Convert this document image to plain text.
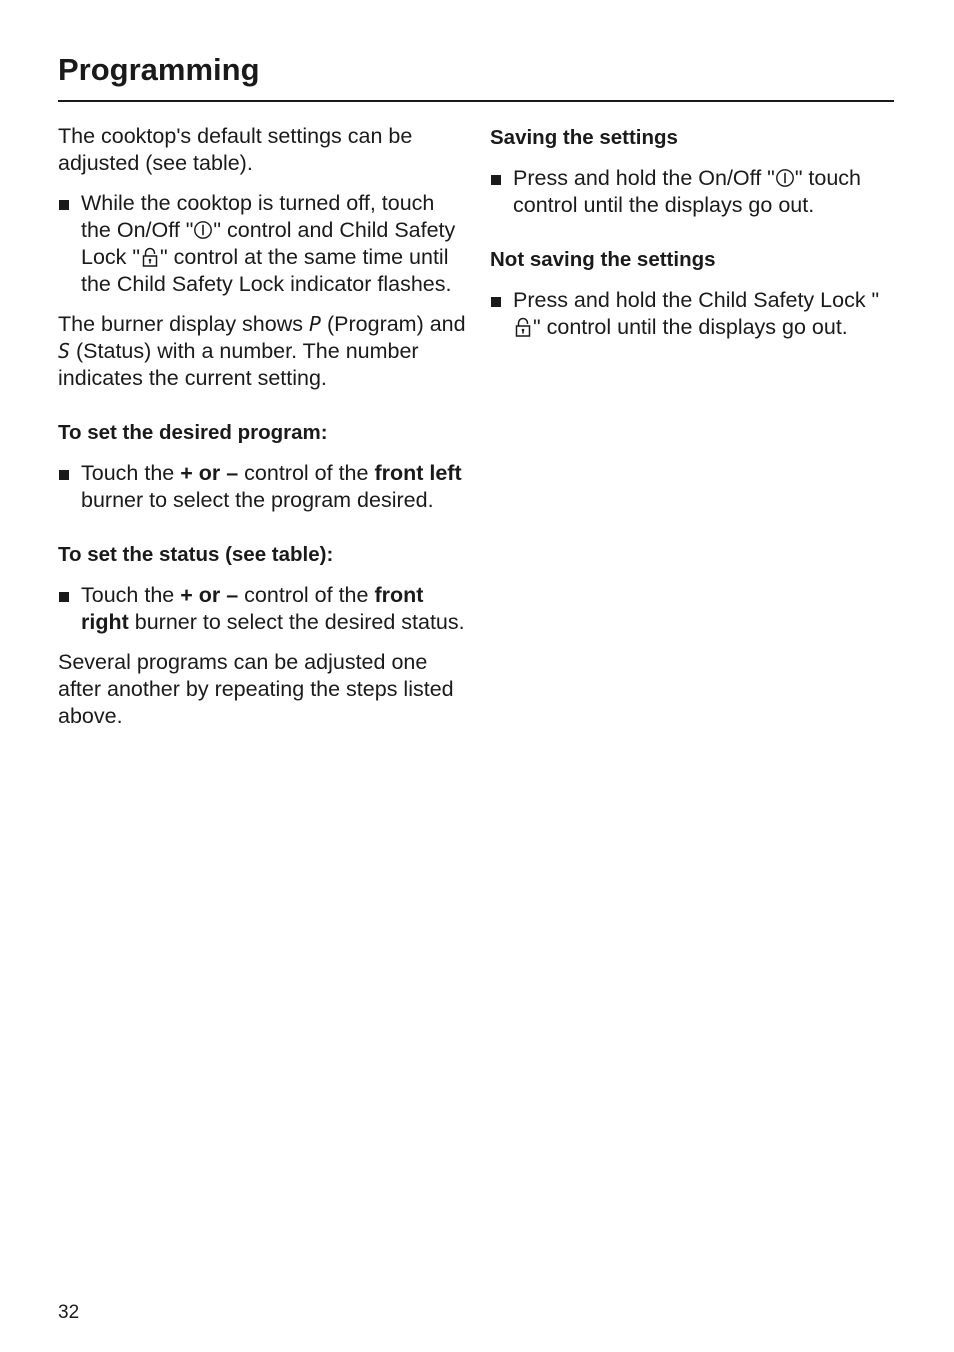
Programming

The cooktop's default settings can be adjusted (see table).

While the cooktop is turned off, touch the On/Off " " control and Child Safety Lock " " control at the same time until the Child Safety Lock indicator flashes.

The burner display shows P (Program) and S (Status) with a number. The number indicates the current setting.

To set the desired program:

Touch the + or – control of the front left burner to select the program desired.

To set the status (see table):

Touch the + or – control of the front right burner to select the desired status.

Several programs can be adjusted one after another by repeating the steps listed above.

Saving the settings

Press and hold the On/Off " " touch control until the displays go out.

Not saving the settings

Press and hold the Child Safety Lock "" control until the displays go out.
32
